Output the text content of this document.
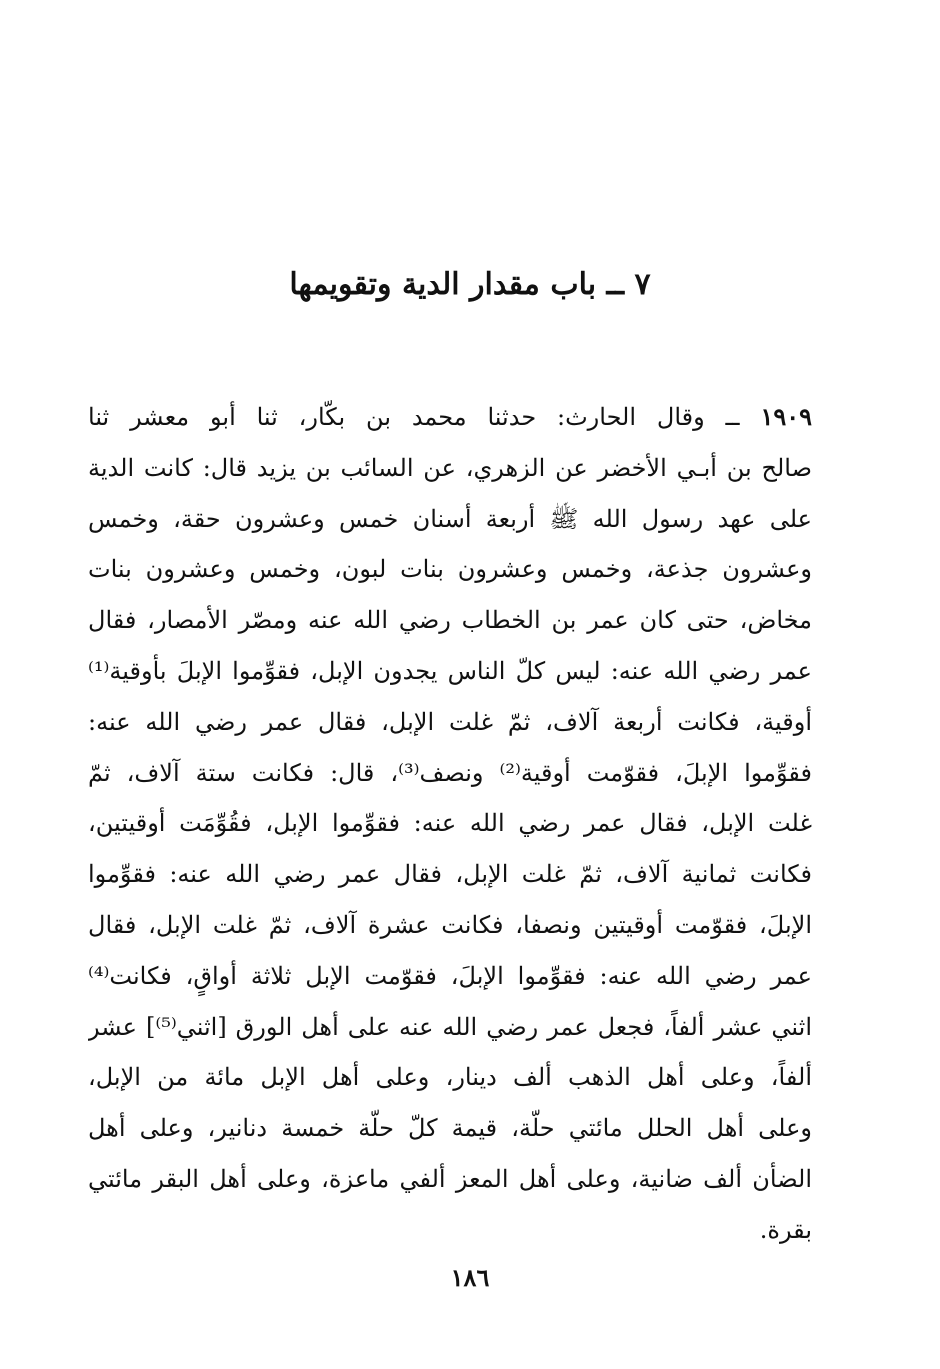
٧ ــ باب مقدار الدية وتقويمها
١٩٠٩ ــ وقال الحارث: حدثنا محمد بن بكّار، ثنا أبو معشر ثنا
صالح بن أبـي الأخضر عن الزهري، عن السائب بن يزيد قال: كانت الدية
على عهد رسول الله ﷺ أربعة أسنان خمس وعشرون حقة، وخمس
وعشرون جذعة، وخمس وعشرون بنات لبون، وخمس وعشرون بنات
مخاض، حتى كان عمر بن الخطاب رضي الله عنه ومصّر الأمصار، فقال
عمر رضي الله عنه: ليس كلّ الناس يجدون الإبل، فقوِّموا الإبلَ بأوقية⁽¹⁾
أوقية، فكانت أربعة آلاف، ثمّ غلت الإبل، فقال عمر رضي الله عنه:
فقوِّموا الإبلَ، فقوّمت أوقية⁽²⁾ ونصف⁽³⁾، قال: فكانت ستة آلاف، ثمّ
غلت الإبل، فقال عمر رضي الله عنه: فقوِّموا الإبل، فقُوِّمَت أوقيتين،
فكانت ثمانية آلاف، ثمّ غلت الإبل، فقال عمر رضي الله عنه: فقوِّموا
الإبلَ، فقوّمت أوقيتين ونصفا، فكانت عشرة آلاف، ثمّ غلت الإبل، فقال
عمر رضي الله عنه: فقوِّموا الإبلَ، فقوّمت الإبل ثلاثة أواقٍ، فكانت⁽⁴⁾
اثني عشر ألفاً، فجعل عمر رضي الله عنه على أهل الورق [اثني⁽⁵⁾] عشر
ألفاً، وعلى أهل الذهب ألف دينار، وعلى أهل الإبل مائة من الإبل،
وعلى أهل الحلل مائتي حلّة، قيمة كلّ حلّة خمسة دنانير، وعلى أهل
الضأن ألف ضانية، وعلى أهل المعز ألفي ماعزة، وعلى أهل البقر مائتي
بقرة.
١٨٦
